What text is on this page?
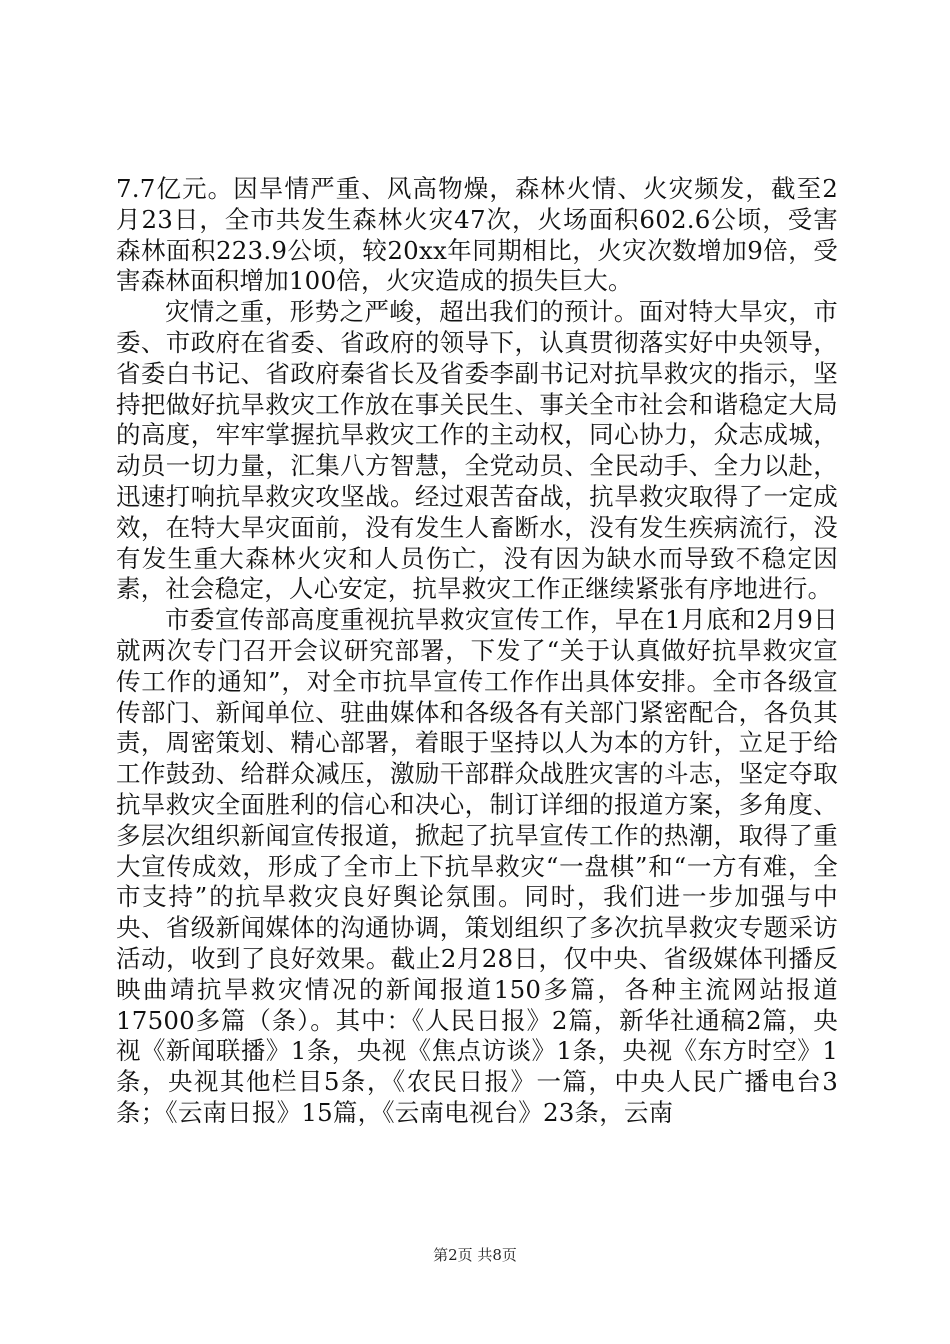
7.7亿元。因旱情严重、风高物燥，森林火情、火灾频发，截至2月23日，全市共发生森林火灾47次，火场面积602.6公顷，受害森林面积223.9公顷，较20xx年同期相比，火灾次数增加9倍，受害森林面积增加100倍，火灾造成的损失巨大。

灾情之重，形势之严峻，超出我们的预计。面对特大旱灾，市委、市政府在省委、省政府的领导下，认真贯彻落实好中央领导，省委白书记、省政府秦省长及省委李副书记对抗旱救灾的指示，坚持把做好抗旱救灾工作放在事关民生、事关全市社会和谐稳定大局的高度，牢牢掌握抗旱救灾工作的主动权，同心协力，众志成城，动员一切力量，汇集八方智慧，全党动员、全民动手、全力以赴，迅速打响抗旱救灾攻坚战。经过艰苦奋战，抗旱救灾取得了一定成效，在特大旱灾面前，没有发生人畜断水，没有发生疾病流行，没有发生重大森林火灾和人员伤亡，没有因为缺水而导致不稳定因素，社会稳定，人心安定，抗旱救灾工作正继续紧张有序地进行。

市委宣传部高度重视抗旱救灾宣传工作，早在1月底和2月9日就两次专门召开会议研究部署，下发了“关于认真做好抗旱救灾宣传工作的通知”，对全市抗旱宣传工作作出具体安排。全市各级宣传部门、新闻单位、驻曲媒体和各级各有关部门紧密配合，各负其责，周密策划、精心部署，着眼于坚持以人为本的方针，立足于给工作鼓劲、给群众减压，激励干部群众战胜灾害的斗志，坚定夺取抗旱救灾全面胜利的信心和决心，制订详细的报道方案，多角度、多层次组织新闻宣传报道，掀起了抗旱宣传工作的热潮，取得了重大宣传成效，形成了全市上下抗旱救灾“一盘棋”和“一方有难，全市支持”的抗旱救灾良好舆论氛围。同时，我们进一步加强与中央、省级新闻媒体的沟通协调，策划组织了多次抗旱救灾专题采访活动，收到了良好效果。截止2月28日，仅中央、省级媒体刊播反映曲靖抗旱救灾情况的新闻报道150多篇，各种主流网站报道17500多篇（条）。其中：《人民日报》2篇，新华社通稿2篇，央视《新闻联播》1条，央视《焦点访谈》1条，央视《东方时空》1条，央视其他栏目5条，《农民日报》一篇，中央人民广播电台3条；《云南日报》15篇，《云南电视台》23条，云南

第2页 共8页
